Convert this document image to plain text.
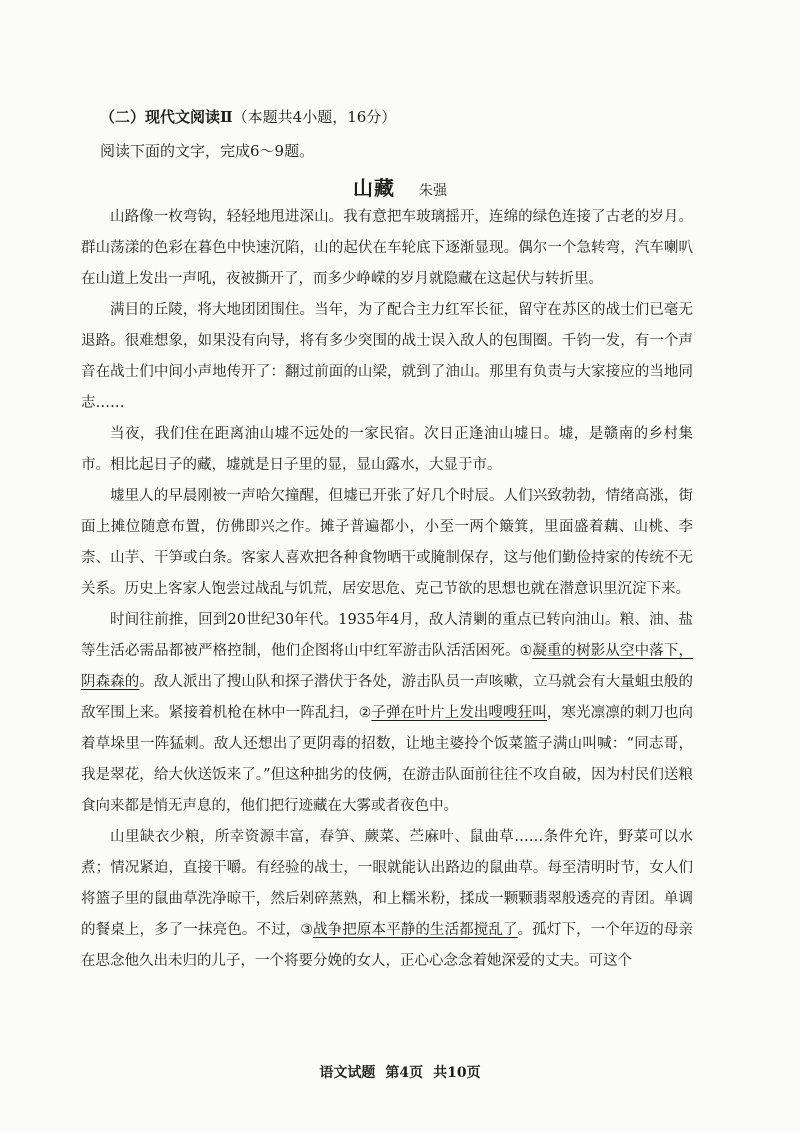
（二）现代文阅读Ⅱ（本题共4小题，16分）
阅读下面的文字，完成6～9题。
山藏 朱强
山路像一枚弯钩，轻轻地甩进深山。我有意把车玻璃摇开，连绵的绿色连接了古老的岁月。群山荡漾的色彩在暮色中快速沉陷，山的起伏在车轮底下逐渐显现。偶尔一个急转弯，汽车喇叭在山道上发出一声吼，夜被撕开了，而多少峥嵘的岁月就隐藏在这起伏与转折里。
满目的丘陵，将大地团团围住。当年，为了配合主力红军长征，留守在苏区的战士们已毫无退路。很难想象，如果没有向导，将有多少突围的战士误入敌人的包围圈。千钧一发，有一个声音在战士们中间小声地传开了：翻过前面的山梁，就到了油山。那里有负责与大家接应的当地同志……
当夜，我们住在距离油山墟不远处的一家民宿。次日正逢油山墟日。墟，是赣南的乡村集市。相比起日子的藏，墟就是日子里的显，显山露水，大显于市。
墟里人的早晨刚被一声哈欠撞醒，但墟已开张了好几个时辰。人们兴致勃勃，情绪高涨，街面上摊位随意布置，仿佛即兴之作。摊子普遍都小，小至一两个簸箕，里面盛着藕、山桃、李柰、山芋、干笋或白条。客家人喜欢把各种食物晒干或腌制保存，这与他们勤俭持家的传统不无关系。历史上客家人饱尝过战乱与饥荒，居安思危、克己节欲的思想也就在潜意识里沉淀下来。
时间往前推，回到20世纪30年代。1935年4月，敌人清剿的重点已转向油山。粮、油、盐等生活必需品都被严格控制，他们企图将山中红军游击队活活困死。①凝重的树影从空中落下，阴森森的。敌人派出了搜山队和探子潜伏于各处，游击队员一声咳嗽，立马就会有大量蛆虫般的敌军围上来。紧接着机枪在林中一阵乱扫，②子弹在叶片上发出嗖嗖狂叫，寒光凛凛的刺刀也向着草垛里一阵猛刺。敌人还想出了更阴毒的招数，让地主婆拎个饭菜篮子满山叫喊：“同志哥，我是翠花，给大伙送饭来了。”但这种拙劣的伎俩，在游击队面前往往不攻自破，因为村民们送粮食向来都是悄无声息的，他们把行迹藏在大雾或者夜色中。
山里缺衣少粮，所幸资源丰富，春笋、蕨菜、苎麻叶、鼠曲草……条件允许，野菜可以水煮；情况紧迫，直接干嚼。有经验的战士，一眼就能认出路边的鼠曲草。每至清明时节，女人们将篮子里的鼠曲草洗净晾干，然后剁碎蒸熟，和上糯米粉，揉成一颗颗翡翠般透亮的青团。单调的餐桌上，多了一抹亮色。不过，③战争把原本平静的生活都搅乱了。孤灯下，一个年迈的母亲在思念他久出未归的儿子，一个将要分娩的女人，正心心念念着她深爱的丈夫。可这个
语文试题 第4页 共10页
